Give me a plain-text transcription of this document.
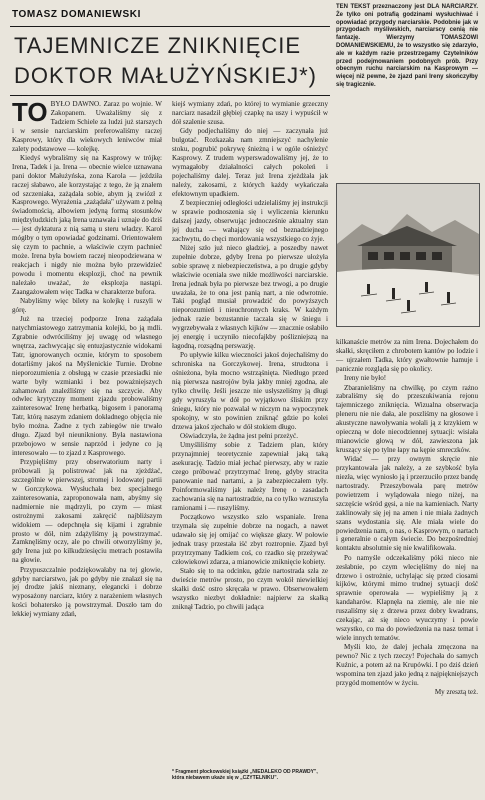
TOMASZ DOMANIEWSKI
TAJEMNICZE ZNIKNIĘCIE
DOKTOR MAŁUŻYŃSKIEJ*)
TEN TEKST przeznaczony jest DLA NARCIARZY. Że tylko oni potrafią godzinami wysłuchiwać i opowiadać przygody narciarskie. Podobnie jak w przygodach myśliwskich, narciarscy cenią nie fantazję. Wierzymy TOMASZOWI DOMANIEWSKIEMU, że to wszystko się zdarzyło, ale w każdym razie przestrzegamy Czytelników przed podejmowaniem podobnych prób. Przy obecnym ruchu narciarskim na Kasprowym — więcej niż pewne, że zjazd pani Ireny skończyłby się tragicznie.

TO BYŁO DAWNO. Zaraz po wojnie. W Zakopanem. Uważaliśmy się z Tadziem Schiele za ludzi już starszych i w sensie narciarskim preferowaliśmy raczej Kasprowy, który dla wiekowych leniwców miał zalety podstawowe — kolejkę.

Kiedyś wybraliśmy się na Kasprowy w trójkę: Irena, Tadek i ja. Irena — obecnie wielce uznawana pani doktor Małużyńska, zona Karola — jeździła raczej słabawo, ale korzystając z tego, że ją znałem od szczeniaka, zażądała sobie, abym ją zwiózł z Kasprowego. Wyrażenia „zażądała" używam z pełną świadomością, albowiem jedyną formą stosunków międzyludzkich jaką Irena uznawała i uznaje do dziś — jest dyktatura z nią samą u steru władzy. Karol mógłby o tym opowiadać godzinami. Orientowałem się czym to pachnie, a właściwie czym pachnieć może. Irena była bowiem raczej nieopodziewana w reakcjach i nigdy nie można było przewidzieć powodu i momentu eksplozji, choć na pewnik należało uważać, że eksplozja nastąpi. Zaangażowałem więc Tadka w charakterze bufora.

Nabyliśmy więc bilety na kolejkę i ruszyli w górę.

Już na trzeciej podporze Irena zażądała natychmiastowego zatrzymania kolejki, bo ją mdli. Zgrabnie odwróciliśmy jej uwagę od własnego wnętrza, zachwycając się entuzjastycznie widokami Tatr, ignorowanych ocznie, którym to sposobem dotarliśmy jakoś na Myślenickie Turnie. Drobne nieporozumienia z obsługą w czasie przesiadki nie warte były wzmianki i bez poważniejszych zahamowań znaleźliśmy się na szczycie. Aby odwlec krytyczny moment zjazdu probowaliśmy zainteresować Irenę herbatką, bigosem i panoramą Tatr, którą naszym zdaniem dokładnego objęcia nie było można. Żadne z tych zabiegów nie trwało długo. Zjazd był nieunikniony. Była nastawiona przebojowo w sensie naprzód i jedyne co ją interesowało — to zjazd z Kasprowego.

Przypięliśmy przy obserwatorium narty i próbowali ją polistrować jak na zjeżdżać, szczególnie w pierwszej, stromej i lodowatej partii w Gorczykowa. Wysłuchała bez specjalnego zainteresowania, zaproponowała nam, abyśmy się nadmiernie nie mądrzyli, po czym — miast ostrożnymi zakosami zakręcić najbliższym widokiem — odepchnęła się kijami i zgrabnie prosto w dół, nim zdążyliśmy ją powstrzymać. Zamknęliśmy oczy, ale po chwili otworzyliśmy je, gdy Irena już po kilkudziesięciu metrach postawiła na głowie.

Przypuszczalnie podziękowałaby na tej głowie, gdyby narciarstwo, jak po gdyby nie znalazł się na jej drodze jakiś nieznany, elegancki i dobrze wyposażony narciarz, który z narażeniem własnych kości bohatersko ją powstrzymał. Doszło tam do lekkiej wymiany zdań,

kiejś wymiany zdań, po której to wymianie grzeczny narciarz nasadził głębiej czapkę na uszy i wypuścił w dół szalenie szusa.

Gdy podjechaliśmy do niej — zaczynała już bulgotać. Rozkazała nam zmniejszyć nachylenie stoku, pogrubić pokrywę śnieżną i w ogóle ośnieżyć Kasprowy. Z trudem wyperswadowaliśmy jej, że to wymagałoby działalności całych pokoleń i pojechaliśmy dalej. Teraz już Irena zjeżdżała jak należy, zakosami, z których każdy wykańczała efektownym upadkiem.

Z bezpieczniej odległości udzielaliśmy jej instrukcji w sprawie podnoszenia się i wyliczenia kierunku dalszej jazdy, obserwując jednocześnie aktualny stan jej ducha — wahający się od beznadziejnego zachwytu, do chęci mordowania wszystkiego co żyje.

Niżej szło już nieco gładziej, a poszedby nawet zupełnie dobrze, gdyby Irena po pierwsze ułożyła sobie sprawę z niebezpieczeństwa, a po drugie gdyby właściwie oceniała swe nikłe możliwości narciarskie. Irena jednak była po pierwsze bez trwogi, a po drugie uważała, że to ona jest panią nart, a nie odwrotnie. Taki pogląd musiał prowadzić do powyższych nieporozumień i nieuchronnych kraks. W każdym jednak razie bezustannie taczała się w śniegu i wygrzebywała z własnych kijków — znacznie osłabiło jej energię i uczyniło niecofajkby poślizniejszą na łagodną, rozsądną perswazję.

Po upływie kilku wieczności jakoś dojechaliśmy do schroniska na Gorczykowej. Irena, strudzona i ośnieżona, była mocno wstrząśnięta. Niedługo przed nią pierwsza nastrojów była jakby mniej zgodna, ale tylko chwilę. Jeśli jeszcze nie usłyszeliśmy ją długi gdy wyruszyła w dół po wyjątkowo śliskim przy śniegu, który nie pozwalał w niczym na wypoczynek spokojny, w sto powinien zniknąć gdzie po kolei drzewa jakoś zjechało w dół stokiem długo.

Oświadczyła, że żądna jest pełni przeżyć.

Umyśliliśmy sobie z Tadziem plan, który przynajmniej teoretycznie zapewniał jaką taką asekurację. Tadzio miał jechać pierwszy, aby w razie czego próbować przytrzymać Irenę, gdyby stracita panowanie nad nartami, a ja zabezpieczałem tyły. Poinformowaliśmy jak należy Irenę o zasadach zachowania się na nartostradzie, na co tylko wzruszyła ramionami i — ruszyliśmy.

Początkowo wszystko szło wspaniale. Irena trzymała się zupełnie dobrze na nogach, a nawet udawało się jej omijać co większe głazy. W połowie jednak trasy przestała iść zbyt roztropnie. Zjazd był przytrzymany Tadkiem coś, co rzadko się przeżywać człowiekowi zdarza, a mianowicie zniknięcie kobiety.

Stało się to na odcinku, gdzie nartostrada szła ze dwieście metrów prosto, po czym wokół niewielkiej skałki dość ostro skręcała w prawo. Obserwowałem wszystko niezbyt dokładnie: najpierw za skałką zniknął Tadzio, po chwili jadąca

kilkanaście metrów za nim Irena. Dojechałem do skałki, skręciłem z chrobotem kantów po lodzie i — ujrzałem Tadka, który gwałtownie hamuje i panicznie rozgląda się po okolicy.

Ireny nie było!

Zbaranieliśmy na chwilkę, po czym rażno zabraliśmy się do przeszukiwania rejonu tajemniczego zniknięcia. Wizualna obserwacja pleneru nie nie dała, ale poszliśmy na głosowe i akustyczne nawoływania wołali ją z krzykiem w opieczną w dole niecodziennej sytuacji: wisiała mianowicie głową w dół, zawieszona jak kruszący się po tylne łapy na kępie smreczków.

Widać — przy ownym skręcie nie przykantowała jak należy, a ze szybkość była niezła, więc wyniosło ją i przerzuciło przez bandę nartostrady. Przeszybowała parę metrów powietrzem i wylądowała niego niżej, na szczęście wśród gęsi, a nie na kamieniach. Narty zaklinowały się jej na amen i nie miała żadnych szans wydostania się. Ale miała wiele do powiedzenia nam, o nas, o Kasprowym, o nartach i generalnie o całym świecie. Do bezpośredniej kontaktu absolutnie się nie kwalifikowała.

Po namyśle odczekaliśmy póki nieco nie zesłabnie, po czym wlecięliśmy do niej na drzewo i ostrożnie, uchylając się przed ciosami kijków, którymi mimo trudnej sytuacji dość sprawnie operowała — wypieliśmy ją z kandaharów. Klapnęła na ziemię, ale nie nie ruszaliśmy się z drzewa przez dobry kwadrans, czekając, aż się nieco wyuczymy i powie wszystko, co ma do powiedzenia na nasz temat i wiele innych tematów.

Myśli kto, że dalej jechała zmęczona na pewno? Nic z tych rzeczy! Pojechała do samych Kuźnic, a potem aż na Krupówki. I po dziś dzień wspomina ten zjazd jako jedną z najpiękniejszych przygód momentów w życiu.

My zresztą też.

* Fragment płockowskiej książki „NIEDALEKO OD PRAWDY", która niebawem ukaże się w „CZYTELNIKU".
